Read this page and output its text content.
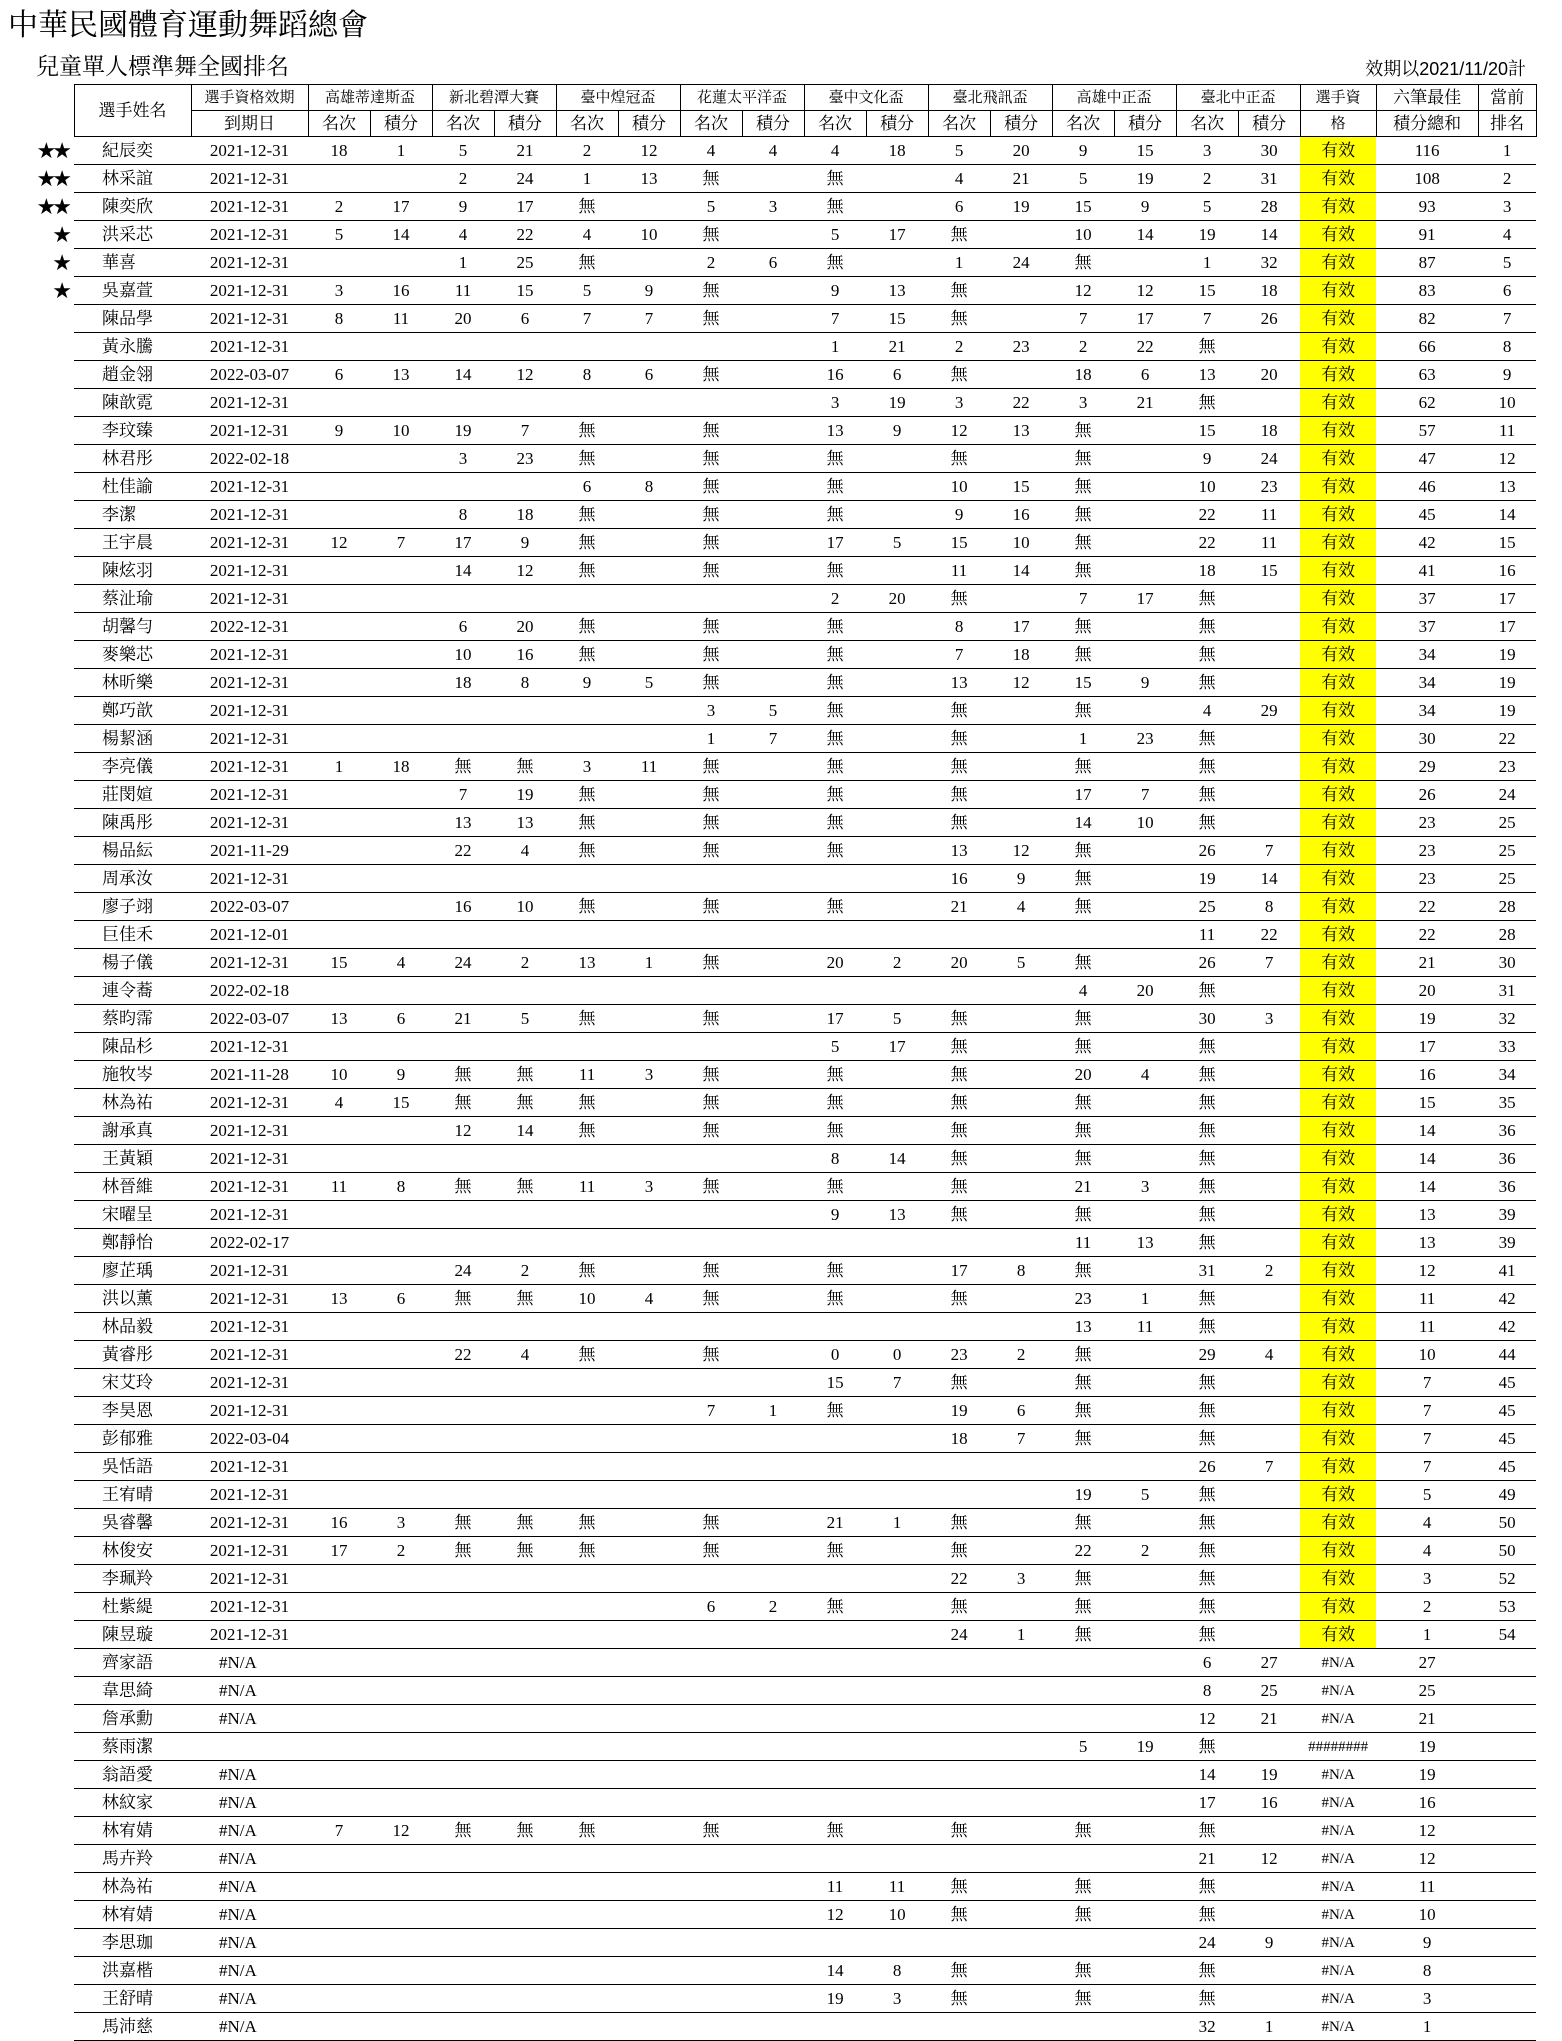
中華民國體育運動舞蹈總會
兒童單人標準舞全國排名	效期以2021/11/20計
	選手姓名	選手資格效期	高雄蒂達斯盃		新北碧潭大賽		臺中煌冠盃		花蓮太平洋盃		臺中文化盃		臺北飛訊盃		高雄中正盃		臺北中正盃		選手資	六筆最佳	當前
		到期日	名次	積分	名次	積分	名次	積分	名次	積分	名次	積分	名次	積分	名次	積分	名次	積分	格	積分總和	排名
★★	紀辰奕	2021-12-31	18	1	5	21	2	12	4	4	4	18	5	20	9	15	3	30	有效	116	1
★★	林采誼	2021-12-31			2	24	1	13	無		無		4	21	5	19	2	31	有效	108	2
★★	陳奕欣	2021-12-31	2	17	9	17	無		5	3	無		6	19	15	9	5	28	有效	93	3
★	洪采芯	2021-12-31	5	14	4	22	4	10	無		5	17	無		10	14	19	14	有效	91	4
★	華喜	2021-12-31			1	25	無		2	6	無		1	24	無		1	32	有效	87	5
★	吳嘉萱	2021-12-31	3	16	11	15	5	9	無		9	13	無		12	12	15	18	有效	83	6
	陳品學	2021-12-31	8	11	20	6	7	7	無		7	15	無		7	17	7	26	有效	82	7
	黃永騰	2021-12-31									1	21	2	23	2	22	無		有效	66	8
	趙金翎	2022-03-07	6	13	14	12	8	6	無		16	6	無		18	6	13	20	有效	63	9
	陳歆霓	2021-12-31									3	19	3	22	3	21	無		有效	62	10
	李玟臻	2021-12-31	9	10	19	7	無		無		13	9	12	13	無		15	18	有效	57	11
	林君彤	2022-02-18			3	23	無		無		無		無		無		9	24	有效	47	12
	杜佳諭	2021-12-31					6	8	無		無		10	15	無		10	23	有效	46	13
	李潔	2021-12-31			8	18	無		無		無		9	16	無		22	11	有效	45	14
	王宇晨	2021-12-31	12	7	17	9	無		無		17	5	15	10	無		22	11	有效	42	15
	陳炫羽	2021-12-31			14	12	無		無		無		11	14	無		18	15	有效	41	16
	蔡沚瑜	2021-12-31									2	20	無		7	17	無		有效	37	17
	胡馨勻	2022-12-31			6	20	無		無		無		8	17	無		無		有效	37	17
	麥樂芯	2021-12-31			10	16	無		無		無		7	18	無		無		有效	34	19
	林昕樂	2021-12-31			18	8	9	5	無		無		13	12	15	9	無		有效	34	19
	鄭巧歆	2021-12-31							3	5	無		無		無		4	29	有效	34	19
	楊絜涵	2021-12-31							1	7	無		無		1	23	無		有效	30	22
	李亮儀	2021-12-31	1	18	無	無	3	11	無		無		無		無		無		有效	29	23
	莊閔媗	2021-12-31			7	19	無		無		無		無		17	7	無		有效	26	24
	陳禹彤	2021-12-31			13	13	無		無		無		無		14	10	無		有效	23	25
	楊品紜	2021-11-29			22	4	無		無		無		13	12	無		26	7	有效	23	25
	周承汝	2021-12-31											16	9	無		19	14	有效	23	25
	廖子翊	2022-03-07			16	10	無		無		無		21	4	無		25	8	有效	22	28
	巨佳禾	2021-12-01															11	22	有效	22	28
	楊子儀	2021-12-31	15	4	24	2	13	1	無		20	2	20	5	無		26	7	有效	21	30
	連令蕎	2022-02-18													4	20	無		有效	20	31
	蔡昀霈	2022-03-07	13	6	21	5	無		無		17	5	無		無		30	3	有效	19	32
	陳品杉	2021-12-31									5	17	無		無		無		有效	17	33
	施牧岑	2021-11-28	10	9	無	無	11	3	無		無		無		20	4	無		有效	16	34
	林為祐	2021-12-31	4	15	無	無	無		無		無		無		無		無		有效	15	35
	謝承真	2021-12-31			12	14	無		無		無		無		無		無		有效	14	36
	王黃穎	2021-12-31									8	14	無		無		無		有效	14	36
	林晉維	2021-12-31	11	8	無	無	11	3	無		無		無		21	3	無		有效	14	36
	宋曜呈	2021-12-31									9	13	無		無		無		有效	13	39
	鄭靜怡	2022-02-17													11	13	無		有效	13	39
	廖芷瑀	2021-12-31			24	2	無		無		無		17	8	無		31	2	有效	12	41
	洪以薰	2021-12-31	13	6	無	無	10	4	無		無		無		23	1	無		有效	11	42
	林品毅	2021-12-31													13	11	無		有效	11	42
	黃睿彤	2021-12-31			22	4	無		無		0	0	23	2	無		29	4	有效	10	44
	宋艾玲	2021-12-31									15	7	無		無		無		有效	7	45
	李昊恩	2021-12-31							7	1	無		19	6	無		無		有效	7	45
	彭郁雅	2022-03-04											18	7	無		無		有效	7	45
	吳恬語	2021-12-31															26	7	有效	7	45
	王宥晴	2021-12-31													19	5	無		有效	5	49
	吳睿馨	2021-12-31	16	3	無	無	無		無		21	1	無		無		無		有效	4	50
	林俊安	2021-12-31	17	2	無	無	無		無		無		無		22	2	無		有效	4	50
	李珮羚	2021-12-31											22	3	無		無		有效	3	52
	杜紫緹	2021-12-31							6	2	無		無		無		無		有效	2	53
	陳昱璇	2021-12-31											24	1	無		無		有效	1	54
	齊家語	#N/A															6	27	#N/A	27	
	韋思綺	#N/A															8	25	#N/A	25	
	詹承勳	#N/A															12	21	#N/A	21	
	蔡雨潔														5	19	無		########	19	
	翁語愛	#N/A															14	19	#N/A	19	
	林紋家	#N/A															17	16	#N/A	16	
	林宥婧	#N/A	7	12	無	無	無		無		無		無		無		無		#N/A	12	
	馬卉羚	#N/A															21	12	#N/A	12	
	林為祐	#N/A									11	11	無		無		無		#N/A	11	
	林宥婧	#N/A									12	10	無		無		無		#N/A	10	
	李思珈	#N/A															24	9	#N/A	9	
	洪嘉楷	#N/A									14	8	無		無		無		#N/A	8	
	王舒晴	#N/A									19	3	無		無		無		#N/A	3	
	馬沛慈	#N/A															32	1	#N/A	1	
